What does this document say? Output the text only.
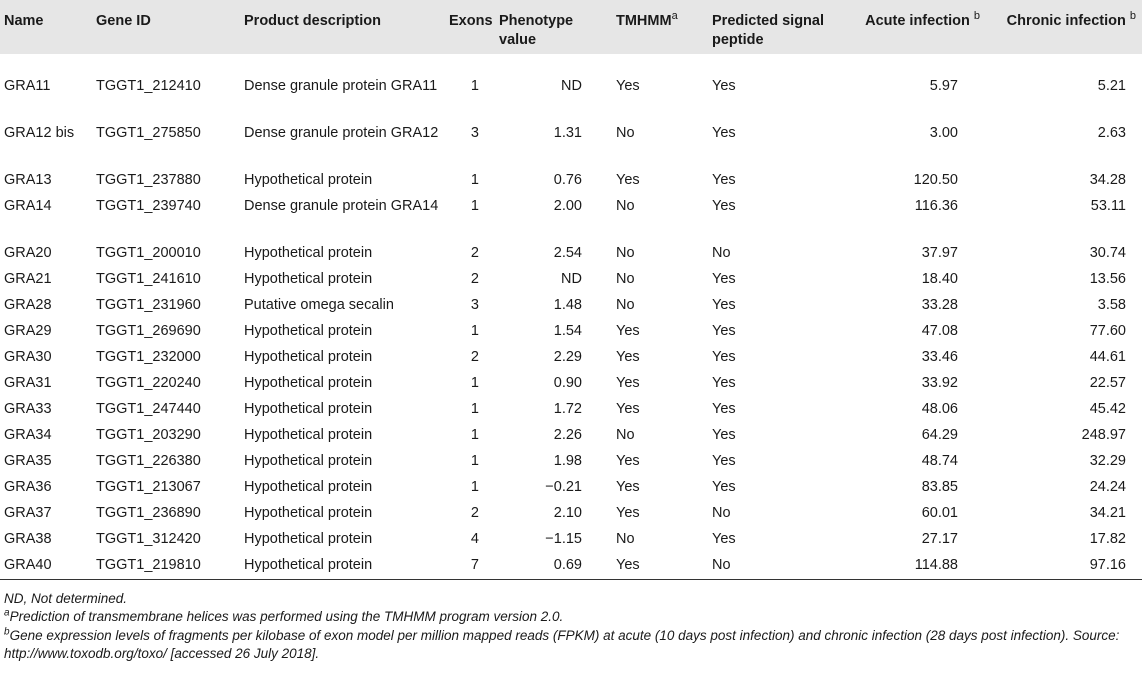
Name	Gene ID	Product description	Exons	Phenotype value	TMHMM$^a$	Predicted signal peptide	Acute infection $^b$	Chronic infection $^b$

GRA11	TGGT1_212410	Dense granule protein GRA11	1	ND	Yes	Yes	5.97	5.21
GRA12 bis	TGGT1_275850	Dense granule protein GRA12	3	1.31	No	Yes	3.00	2.63
GRA13	TGGT1_237880	Hypothetical protein	1	0.76	Yes	Yes	120.50	34.28
GRA14	TGGT1_239740	Dense granule protein GRA14	1	2.00	No	Yes	116.36	53.11
GRA20	TGGT1_200010	Hypothetical protein	2	2.54	No	No	37.97	30.74
GRA21	TGGT1_241610	Hypothetical protein	2	ND	No	Yes	18.40	13.56
GRA28	TGGT1_231960	Putative omega secalin	3	1.48	No	Yes	33.28	3.58
GRA29	TGGT1_269690	Hypothetical protein	1	1.54	Yes	Yes	47.08	77.60
GRA30	TGGT1_232000	Hypothetical protein	2	2.29	Yes	Yes	33.46	44.61
GRA31	TGGT1_220240	Hypothetical protein	1	0.90	Yes	Yes	33.92	22.57
GRA33	TGGT1_247440	Hypothetical protein	1	1.72	Yes	Yes	48.06	45.42
GRA34	TGGT1_203290	Hypothetical protein	1	2.26	No	Yes	64.29	248.97
GRA35	TGGT1_226380	Hypothetical protein	1	1.98	Yes	Yes	48.74	32.29
GRA36	TGGT1_213067	Hypothetical protein	1	−0.21	Yes	Yes	83.85	24.24
GRA37	TGGT1_236890	Hypothetical protein	2	2.10	Yes	No	60.01	34.21
GRA38	TGGT1_312420	Hypothetical protein	4	−1.15	No	Yes	27.17	17.82
GRA40	TGGT1_219810	Hypothetical protein	7	0.69	Yes	No	114.88	97.16
ND, Not determined.
$^a$Prediction of transmembrane helices was performed using the TMHMM program version 2.0.
$^b$Gene expression levels of fragments per kilobase of exon model per million mapped reads (FPKM) at acute (10 days post infection) and chronic infection (28 days post infection). Source: http://www.toxodb.org/toxo/ [accessed 26 July 2018].
